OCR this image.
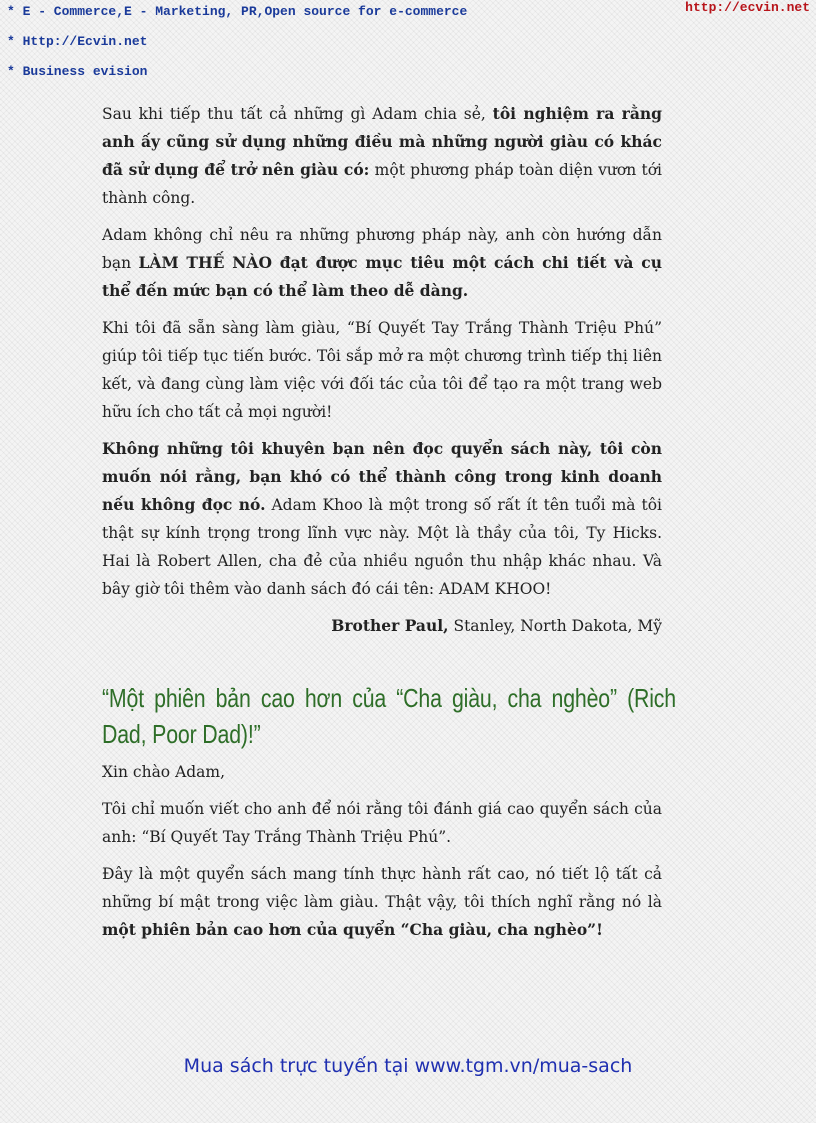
* E - Commerce,E - Marketing, PR,Open source for e-commerce
* Http://Ecvin.net
* Business evision
http://ecvin.net

Sau khi tiếp thu tất cả những gì Adam chia sẻ, tôi nghiệm ra rằng anh ấy cũng sử dụng những điều mà những người giàu có khác đã sử dụng để trở nên giàu có: một phương pháp toàn diện vươn tới thành công.

Adam không chỉ nêu ra những phương pháp này, anh còn hướng dẫn bạn LÀM THẾ NÀO đạt được mục tiêu một cách chi tiết và cụ thể đến mức bạn có thể làm theo dễ dàng.

Khi tôi đã sẵn sàng làm giàu, “Bí Quyết Tay Trắng Thành Triệu Phú” giúp tôi tiếp tục tiến bước. Tôi sắp mở ra một chương trình tiếp thị liên kết, và đang cùng làm việc với đối tác của tôi để tạo ra một trang web hữu ích cho tất cả mọi người!

Không những tôi khuyên bạn nên đọc quyển sách này, tôi còn muốn nói rằng, bạn khó có thể thành công trong kinh doanh nếu không đọc nó. Adam Khoo là một trong số rất ít tên tuổi mà tôi thật sự kính trọng trong lĩnh vực này. Một là thầy của tôi, Ty Hicks. Hai là Robert Allen, cha đẻ của nhiều nguồn thu nhập khác nhau. Và bây giờ tôi thêm vào danh sách đó cái tên: ADAM KHOO!

Brother Paul, Stanley, North Dakota, Mỹ

“Một phiên bản cao hơn của “Cha giàu, cha nghèo” (Rich Dad, Poor Dad)!”

Xin chào Adam,

Tôi chỉ muốn viết cho anh để nói rằng tôi đánh giá cao quyển sách của anh: “Bí Quyết Tay Trắng Thành Triệu Phú”.

Đây là một quyển sách mang tính thực hành rất cao, nó tiết lộ tất cả những bí mật trong việc làm giàu. Thật vậy, tôi thích nghĩ rằng nó là một phiên bản cao hơn của quyển “Cha giàu, cha nghèo”!

Mua sách trực tuyến tại www.tgm.vn/mua-sach
